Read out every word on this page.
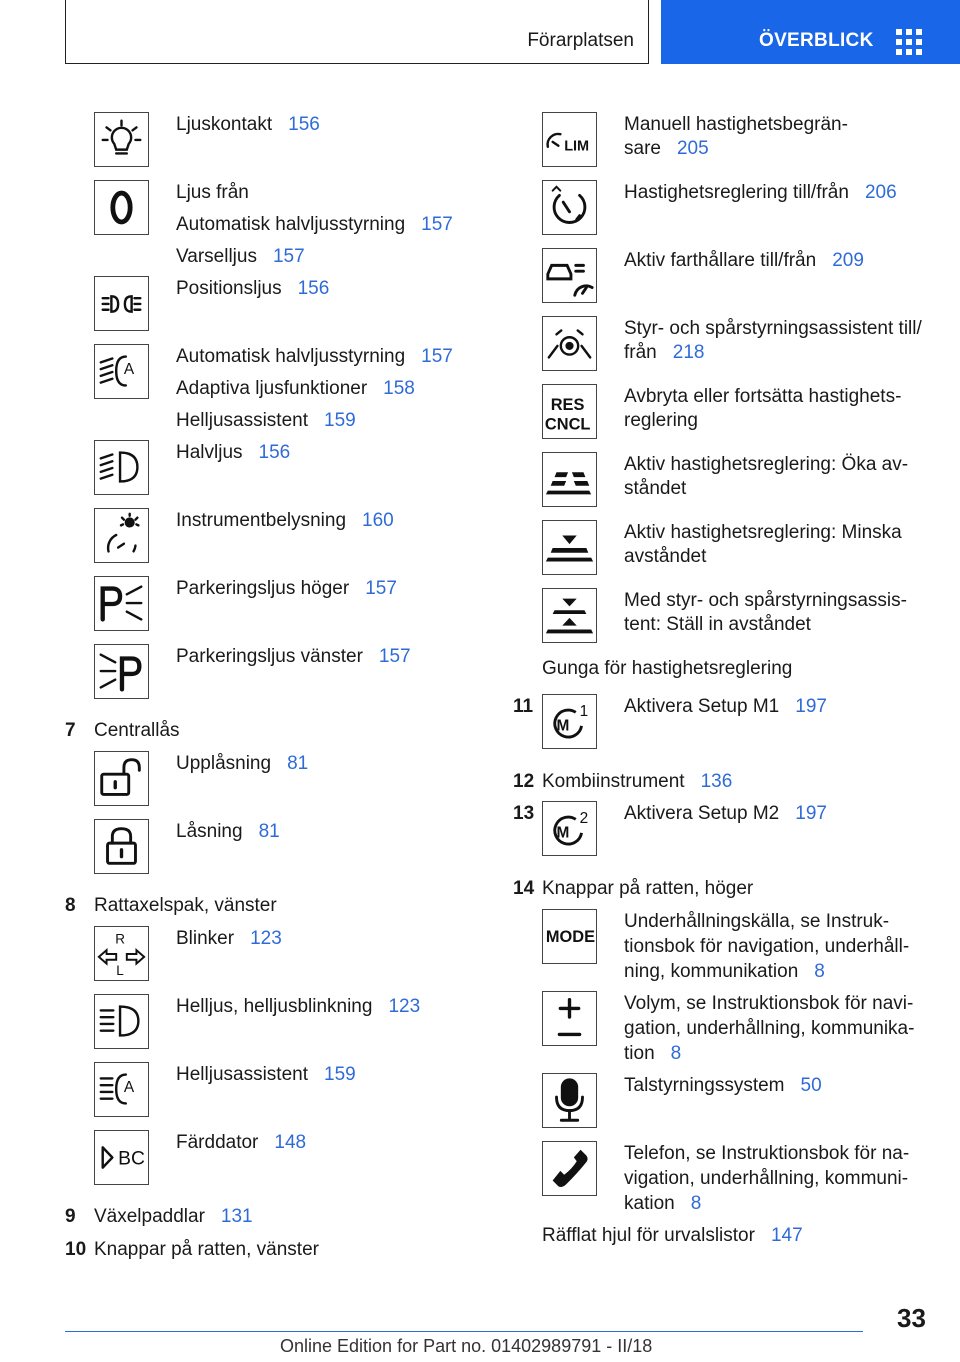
Förarplatsen	ÖVERBLICK
Ljuskontakt 156
Ljus från
Automatisk halvljusstyrning 157
Varselljus 157
Positionsljus 156
A
Automatisk halvljusstyrning 157
Adaptiva ljusfunktioner 158
Helljusassistent 159
Halvljus 156
Instrumentbelysning 160
Parkeringsljus höger 157
Parkeringsljus vänster 157
7 Centrallås
Upplåsning 81
Låsning 81
8 Rattaxelspak, vänster
R
L
Blinker 123
Helljus, helljusblinkning 123
A
Helljusassistent 159
BC
Färddator 148
9 Växelpaddlar 131
10 Knappar på ratten, vänster
LIM
Manuell hastighetsbegrän-
sare 205
Hastighetsreglering till/från 206
Aktiv farthållare till/från 209
Styr- och spårstyrningsassistent till/
från 218
RES
CNCL
Avbryta eller fortsätta hastighets-
reglering
Aktiv hastighetsreglering: Öka av-
ståndet
Aktiv hastighetsreglering: Minska
avståndet
Med styr- och spårstyrningsassis-
tent: Ställ in avståndet
Gunga för hastighetsreglering
11
M
1 Aktivera Setup M1 197
12 Kombiinstrument 136
13
M
2 Aktivera Setup M2 197
14 Knappar på ratten, höger
MODE
Underhållningskälla, se Instruk-
tionsbok för navigation, underhåll-
ning, kommunikation 8
Volym, se Instruktionsbok för navi-
gation, underhållning, kommunika-
tion 8
Talstyrningssystem 50
Telefon, se Instruktionsbok för na-
vigation, underhållning, kommuni-
kation 8
Räfflat hjul för urvalslistor 147
33
Online Edition for Part no. 01402989791 - II/18
